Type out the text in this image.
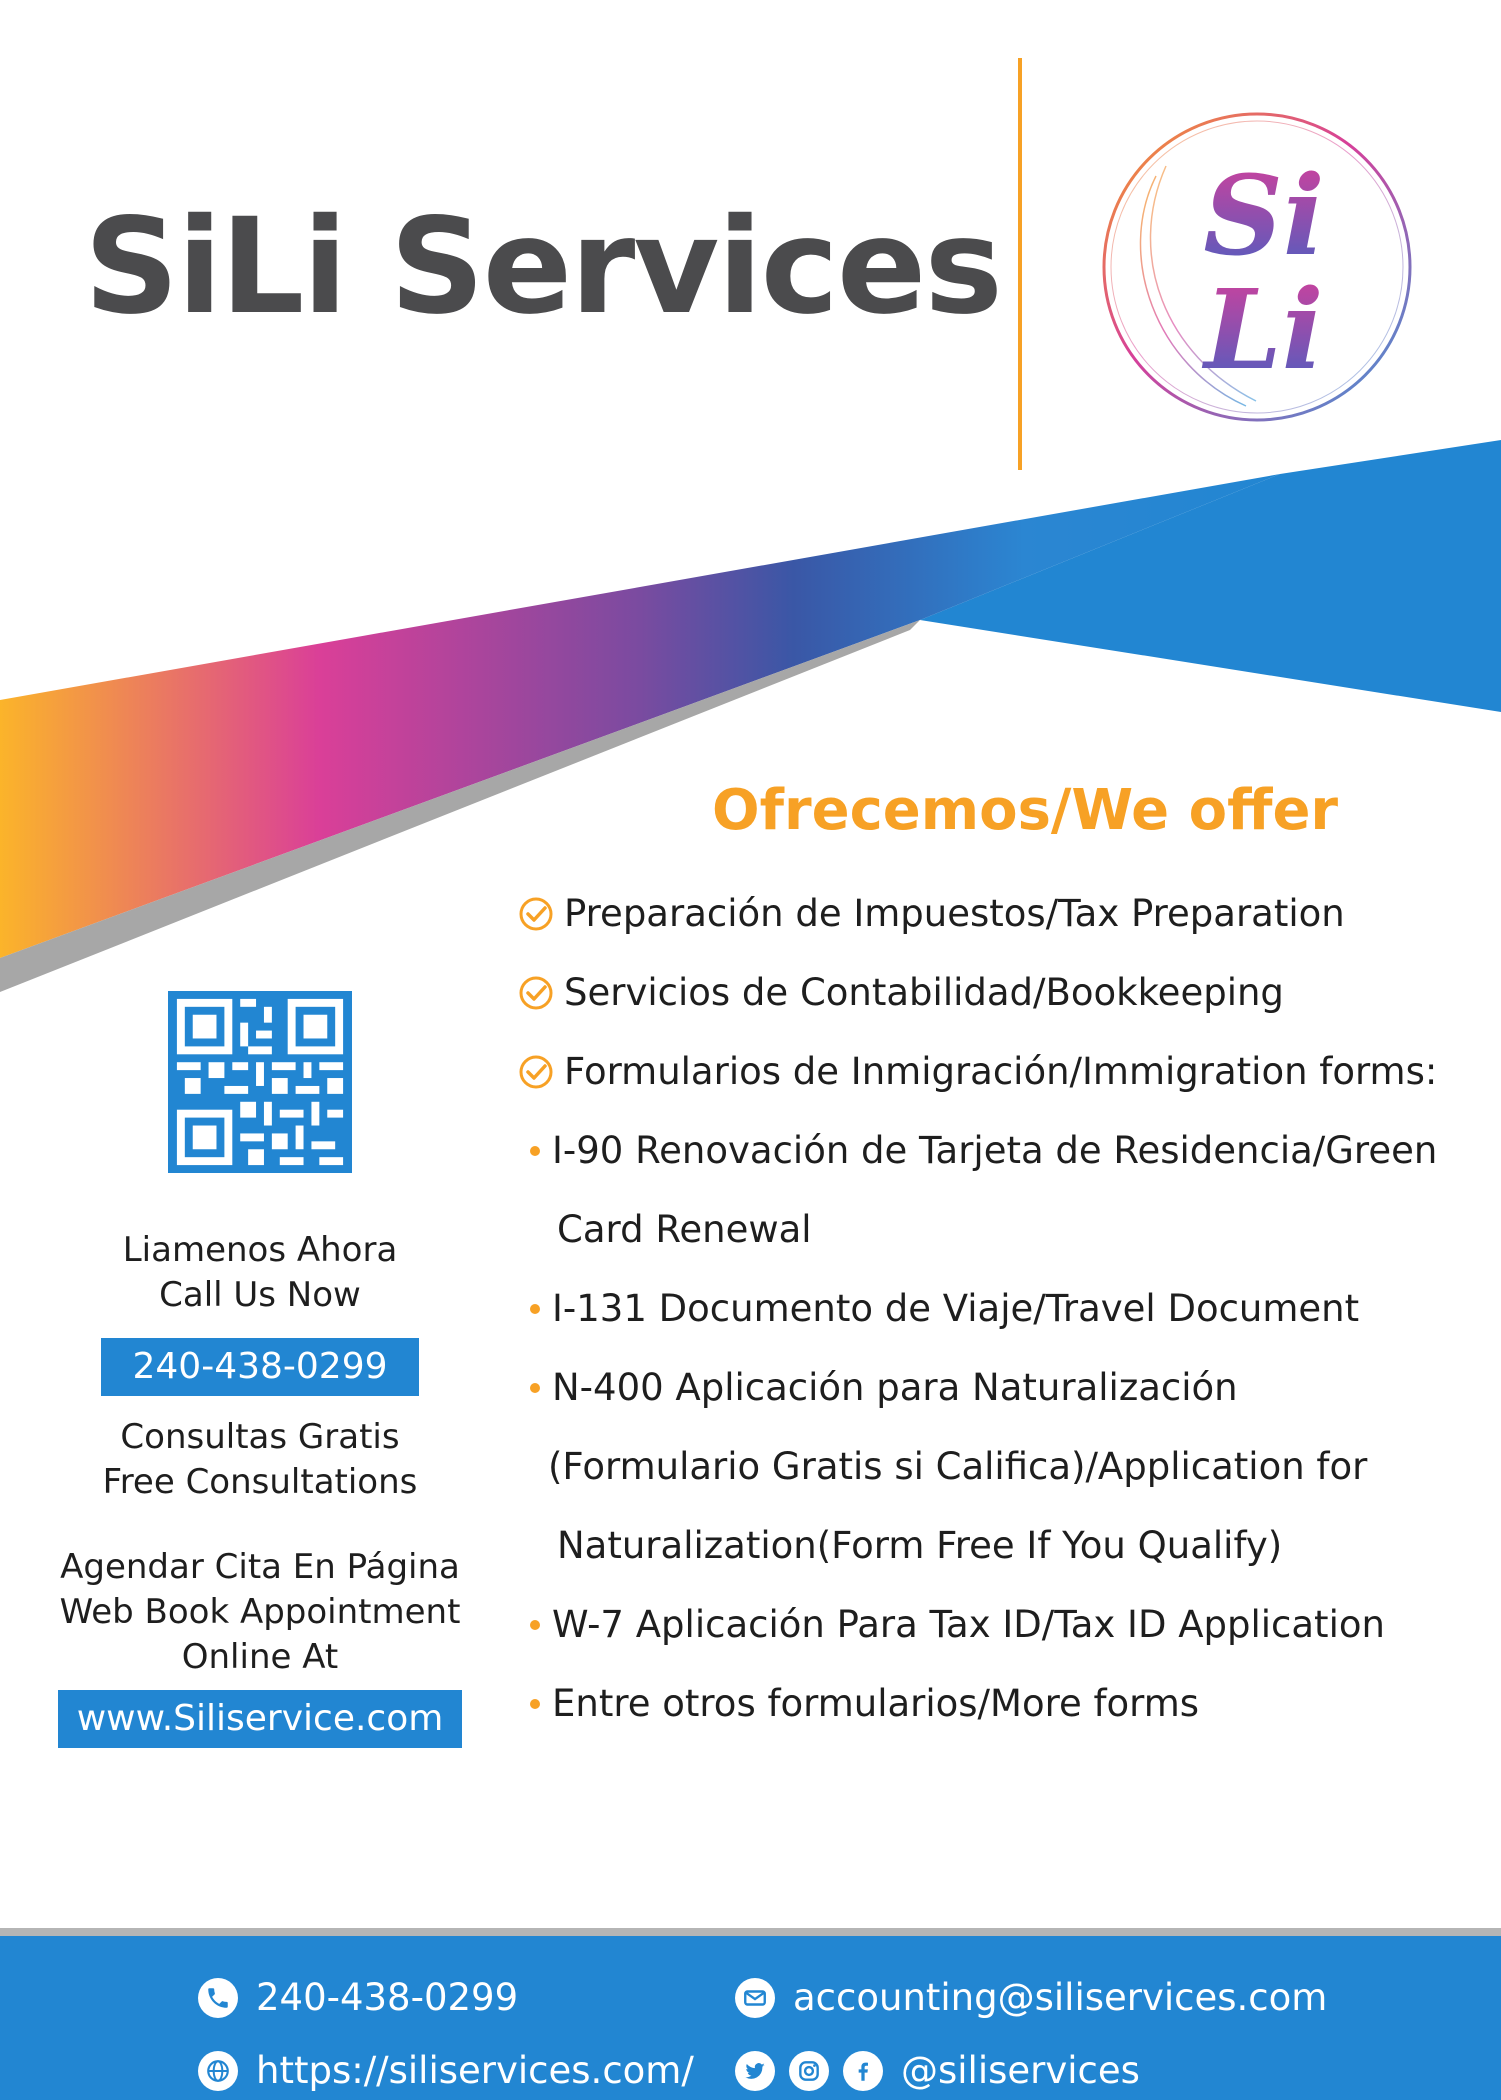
SiLi Services Si
Li
Ofrecemos/We offer
Preparación de Impuestos/Tax Preparation
Servicios de Contabilidad/Bookkeeping
Formularios de Inmigración/Immigration forms:
I-90 Renovación de Tarjeta de Residencia/Green
Card Renewal
I-131 Documento de Viaje/Travel Document
N-400 Aplicación para Naturalización
(Formulario Gratis si Califica)/Application for
Naturalization(Form Free If You Qualify)
W-7 Aplicación Para Tax ID/Tax ID Application
Entre otros formularios/More forms
Liamenos Ahora
Call Us Now
240-438-0299
Consultas Gratis
Free Consultations
Agendar Cita En Página
Web Book Appointment
Online At
www.Siliservice.com
240-438-0299	accounting@siliservices.com
https://siliservices.com/	@siliservices
